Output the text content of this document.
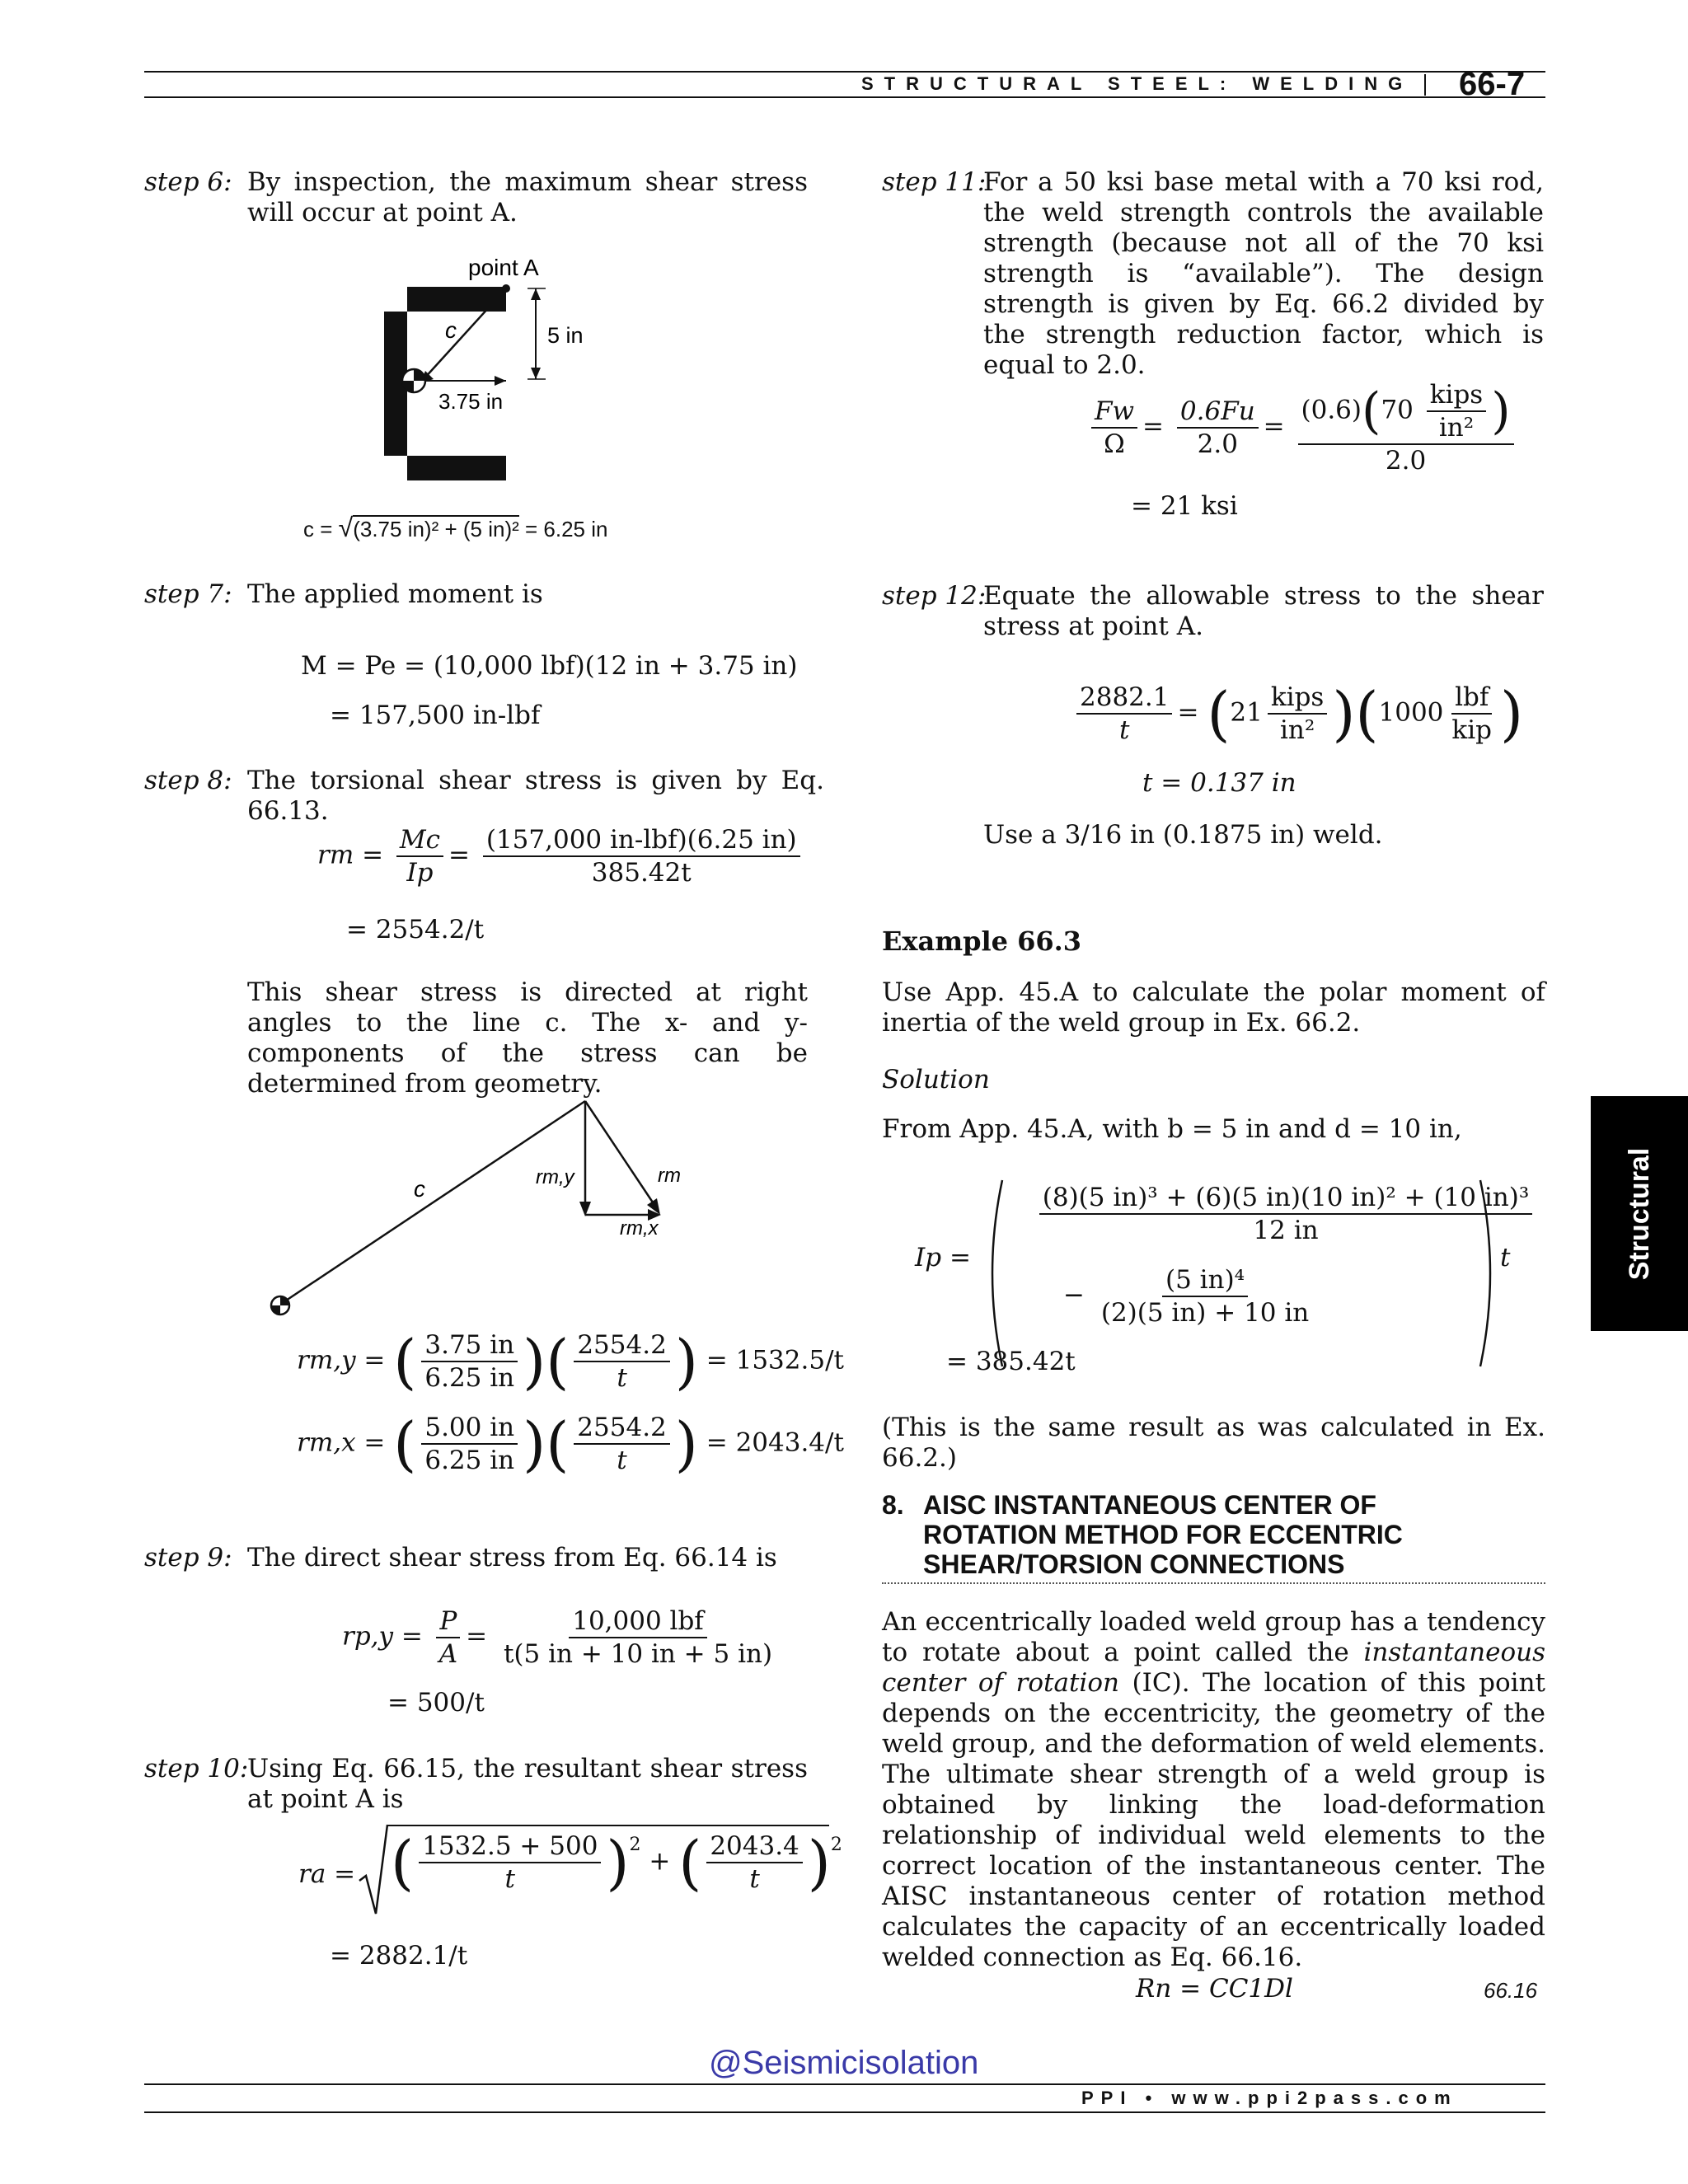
STRUCTURAL STEEL: WELDING 66-7
Structural
step 6: By inspection, the maximum shear stress will occur at point A.
point A
c	5 in
3.75 in
c = √(3.75 in)² + (5 in)² = 6.25 in
step 7: The applied moment is
M = Pe = (10,000 lbf)(12 in + 3.75 in)
= 157,500 in-lbf
step 8: The torsional shear stress is given by Eq. 66.13.
rm = $\frac{Mc}{Ip} = \frac{\text{(157,000 in-lbf)(6.25 in)}}{385.42t}$
= 2554.2/t
This shear stress is directed at right angles to the line c. The x- and y-components of the stress can be determined from geometry.
c	rm,y	rm
rm,x
rm,y = ( $\frac{3.75 in}{6.25 in}$ )( $\frac{2554.2}{t}$ ) = 1532.5/t
rm,x = ( $\frac{5.00 in}{6.25 in}$ )( $\frac{2554.2}{t}$ ) = 2043.4/t
step 9: The direct shear stress from Eq. 66.14 is
$rp,y = \frac{P}{A} = \frac{\text{10,000 lbf}}{t(5 in + 10 in + 5 in)}$
= 500/t
step 10:
Using Eq. 66.15, the resultant shear stress at point A is
ra = ( $\frac{1532.5 + 500}{t} )^2$ + ( $\frac{2043.4}{t} )^2$
= 2882.1/t
step 11:
For a 50 ksi base metal with a 70 ksi rod, the weld strength controls the available strength (because not all of the 70 ksi strength is “available”). The design strength is given by Eq. 66.2 divided by the strength reduction factor, which is equal to 2.0.
$\frac{Fw}{\Omega} = \frac{0.6Fu}{2.0} = \frac{(0.6)(70 \frac{\text{kips}}{\text{in²}} )}{2.0}$
= 21 ksi
step 12:
Equate the allowable stress to the shear stress at point A.
$\frac{2882.1}{t} = (21 \frac{\text{kips}}{\text{in²}} )(1000 \frac{\text{lbf}}{\text{kip}}$ )
t = 0.137 in
Use a 3/16 in (0.1875 in) weld.
Example 66.3
Use App. 45.A to calculate the polar moment of inertia of the weld group in Ex. 66.2.
Solution
From App. 45.A, with b = 5 in and d = 10 in,
Ip =
$\frac{\text{(8)(5 in)³ + (6)(5 in)(10 in)² + (10 in)³}}{12 in}$
− $\frac{\text{(5 in)⁴}}{(2)(5 in) + 10 in}$
t
= 385.42t
(This is the same result as was calculated in Ex. 66.2.)
8. AISC INSTANTANEOUS CENTER OF
ROTATION METHOD FOR ECCENTRIC
SHEAR/TORSION CONNECTIONS
An eccentrically loaded weld group has a tendency to rotate about a point called the instantaneous center of rotation (IC). The location of this point depends on the eccentricity, the geometry of the weld group, and the deformation of weld elements. The ultimate shear strength of a weld group is obtained by linking the load-deformation relationship of individual weld elements to the correct location of the instantaneous center. The AISC instantaneous center of rotation method calculates the capacity of an eccentrically loaded welded connection as Eq. 66.16.
Rn = CC1Dl	66.16
@Seismicisolation
PPI • www.ppi2pass.com
